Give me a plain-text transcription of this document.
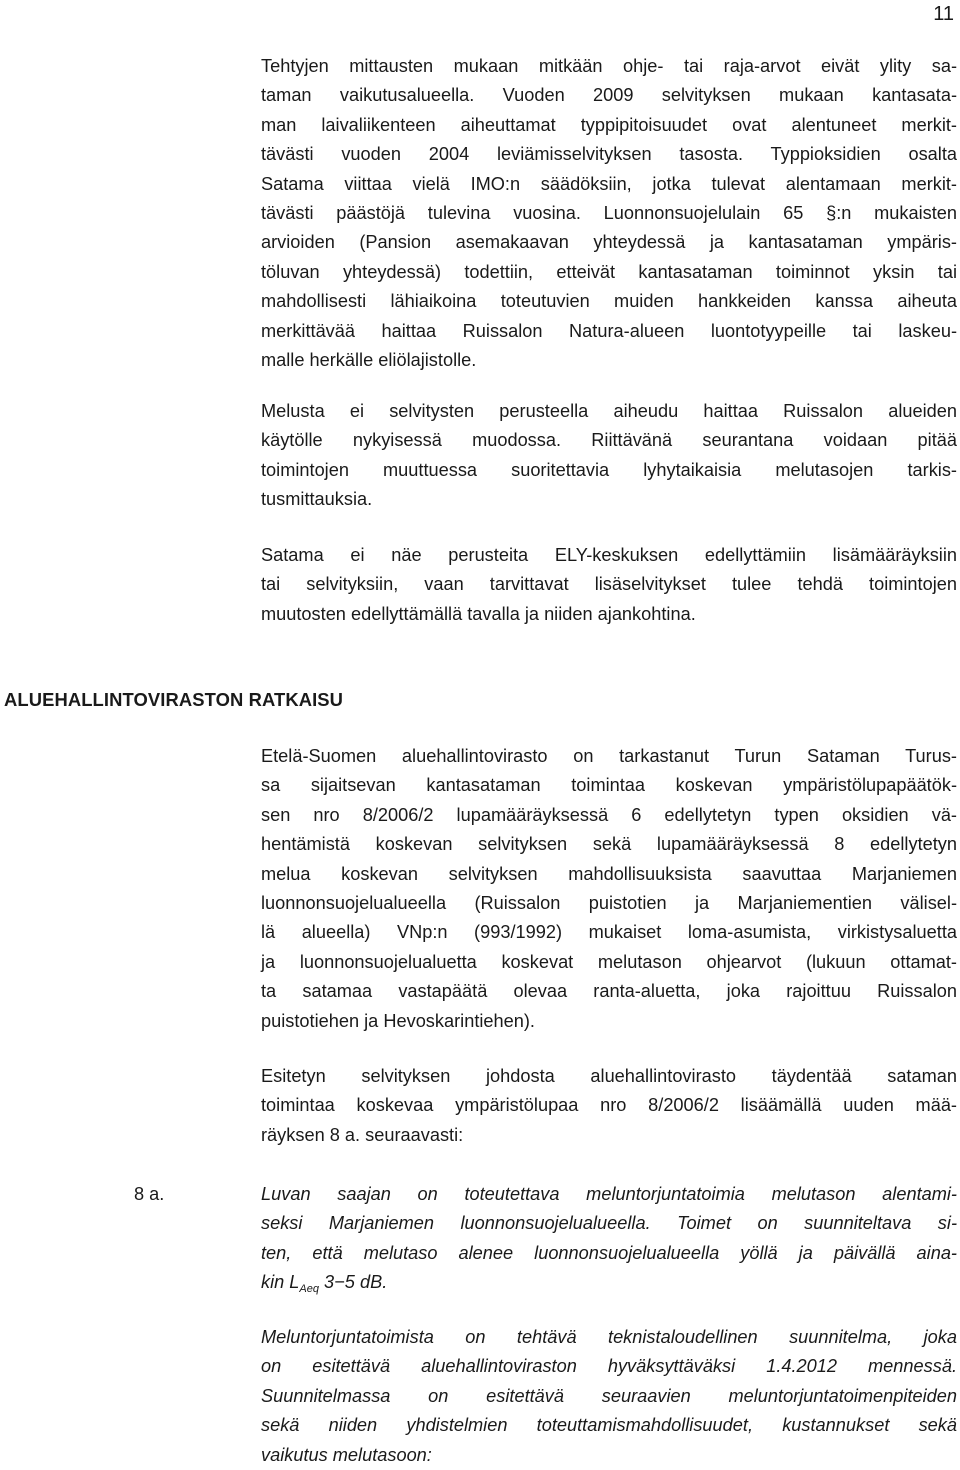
11
Tehtyjen mittausten mukaan mitkään ohje- tai raja-arvot eivät ylity sa-
taman vaikutusalueella. Vuoden 2009 selvityksen mukaan kantasata-
man laivaliikenteen aiheuttamat typpipitoisuudet ovat alentuneet merkit-
tävästi vuoden 2004 leviämisselvityksen tasosta. Typpioksidien osalta
Satama viittaa vielä IMO:n säädöksiin, jotka tulevat alentamaan merkit-
tävästi päästöjä tulevina vuosina. Luonnonsuojelulain 65 §:n mukaisten
arvioiden (Pansion asemakaavan yhteydessä ja kantasataman ympäris-
töluvan yhteydessä) todettiin, etteivät kantasataman toiminnot yksin tai
mahdollisesti lähiaikoina toteutuvien muiden hankkeiden kanssa aiheuta
merkittävää haittaa Ruissalon Natura-alueen luontotyypeille tai laskeu-
malle herkälle eliölajistolle.
Melusta ei selvitysten perusteella aiheudu haittaa Ruissalon alueiden
käytölle nykyisessä muodossa. Riittävänä seurantana voidaan pitää
toimintojen muuttuessa suoritettavia lyhytaikaisia melutasojen tarkis-
tusmittauksia.
Satama ei näe perusteita ELY-keskuksen edellyttämiin lisämääräyksiin
tai selvityksiin, vaan tarvittavat lisäselvitykset tulee tehdä toimintojen
muutosten edellyttämällä tavalla ja niiden ajankohtina.
ALUEHALLINTOVIRASTON RATKAISU
Etelä-Suomen aluehallintovirasto on tarkastanut Turun Sataman Turus-
sa sijaitsevan kantasataman toimintaa koskevan ympäristölupapäätök-
sen nro 8/2006/2 lupamääräyksessä 6 edellytetyn typen oksidien vä-
hentämistä koskevan selvityksen sekä lupamääräyksessä 8 edellytetyn
melua koskevan selvityksen mahdollisuuksista saavuttaa Marjaniemen
luonnonsuojelualueella (Ruissalon puistotien ja Marjaniementien välisel-
lä alueella) VNp:n (993/1992) mukaiset loma-asumista, virkistysaluetta
ja luonnonsuojelualuetta koskevat melutason ohjearvot (lukuun ottamat-
ta satamaa vastapäätä olevaa ranta-aluetta, joka rajoittuu Ruissalon
puistotiehen ja Hevoskarintiehen).
Esitetyn selvityksen johdosta aluehallintovirasto täydentää sataman
toimintaa koskevaa ympäristölupaa nro 8/2006/2 lisäämällä uuden mää-
räyksen 8 a. seuraavasti:
8 a.	Luvan saajan on toteutettava meluntorjuntatoimia melutason alentami-
seksi Marjaniemen luonnonsuojelualueella. Toimet on suunniteltava si-
ten, että melutaso alenee luonnonsuojelualueella yöllä ja päivällä aina-
kin $L_{Aeq}$ 3−5 dB.
Meluntorjuntatoimista on tehtävä teknistaloudellinen suunnitelma, joka
on esitettävä aluehallintoviraston hyväksyttäväksi 1.4.2012 mennessä.
Suunnitelmassa on esitettävä seuraavien meluntorjuntatoimenpiteiden
sekä niiden yhdistelmien toteuttamismahdollisuudet, kustannukset sekä
vaikutus melutasoon:
